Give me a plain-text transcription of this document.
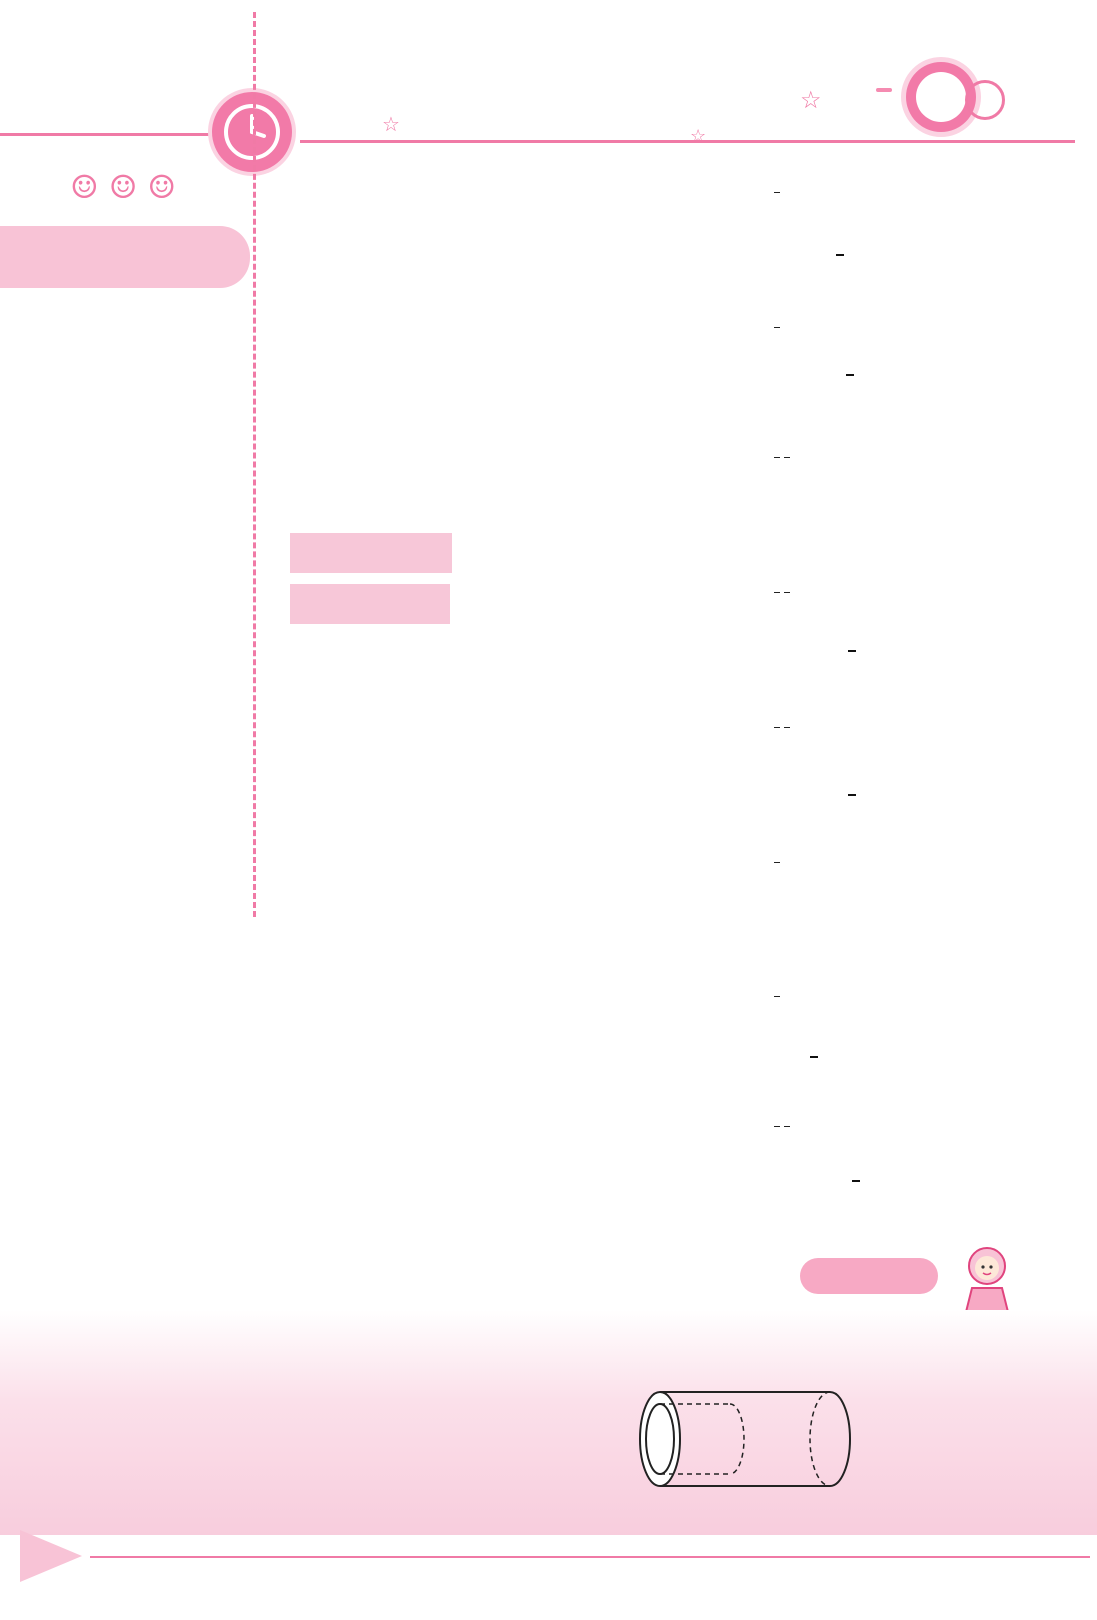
☆
☆
☆
☺☺☺
